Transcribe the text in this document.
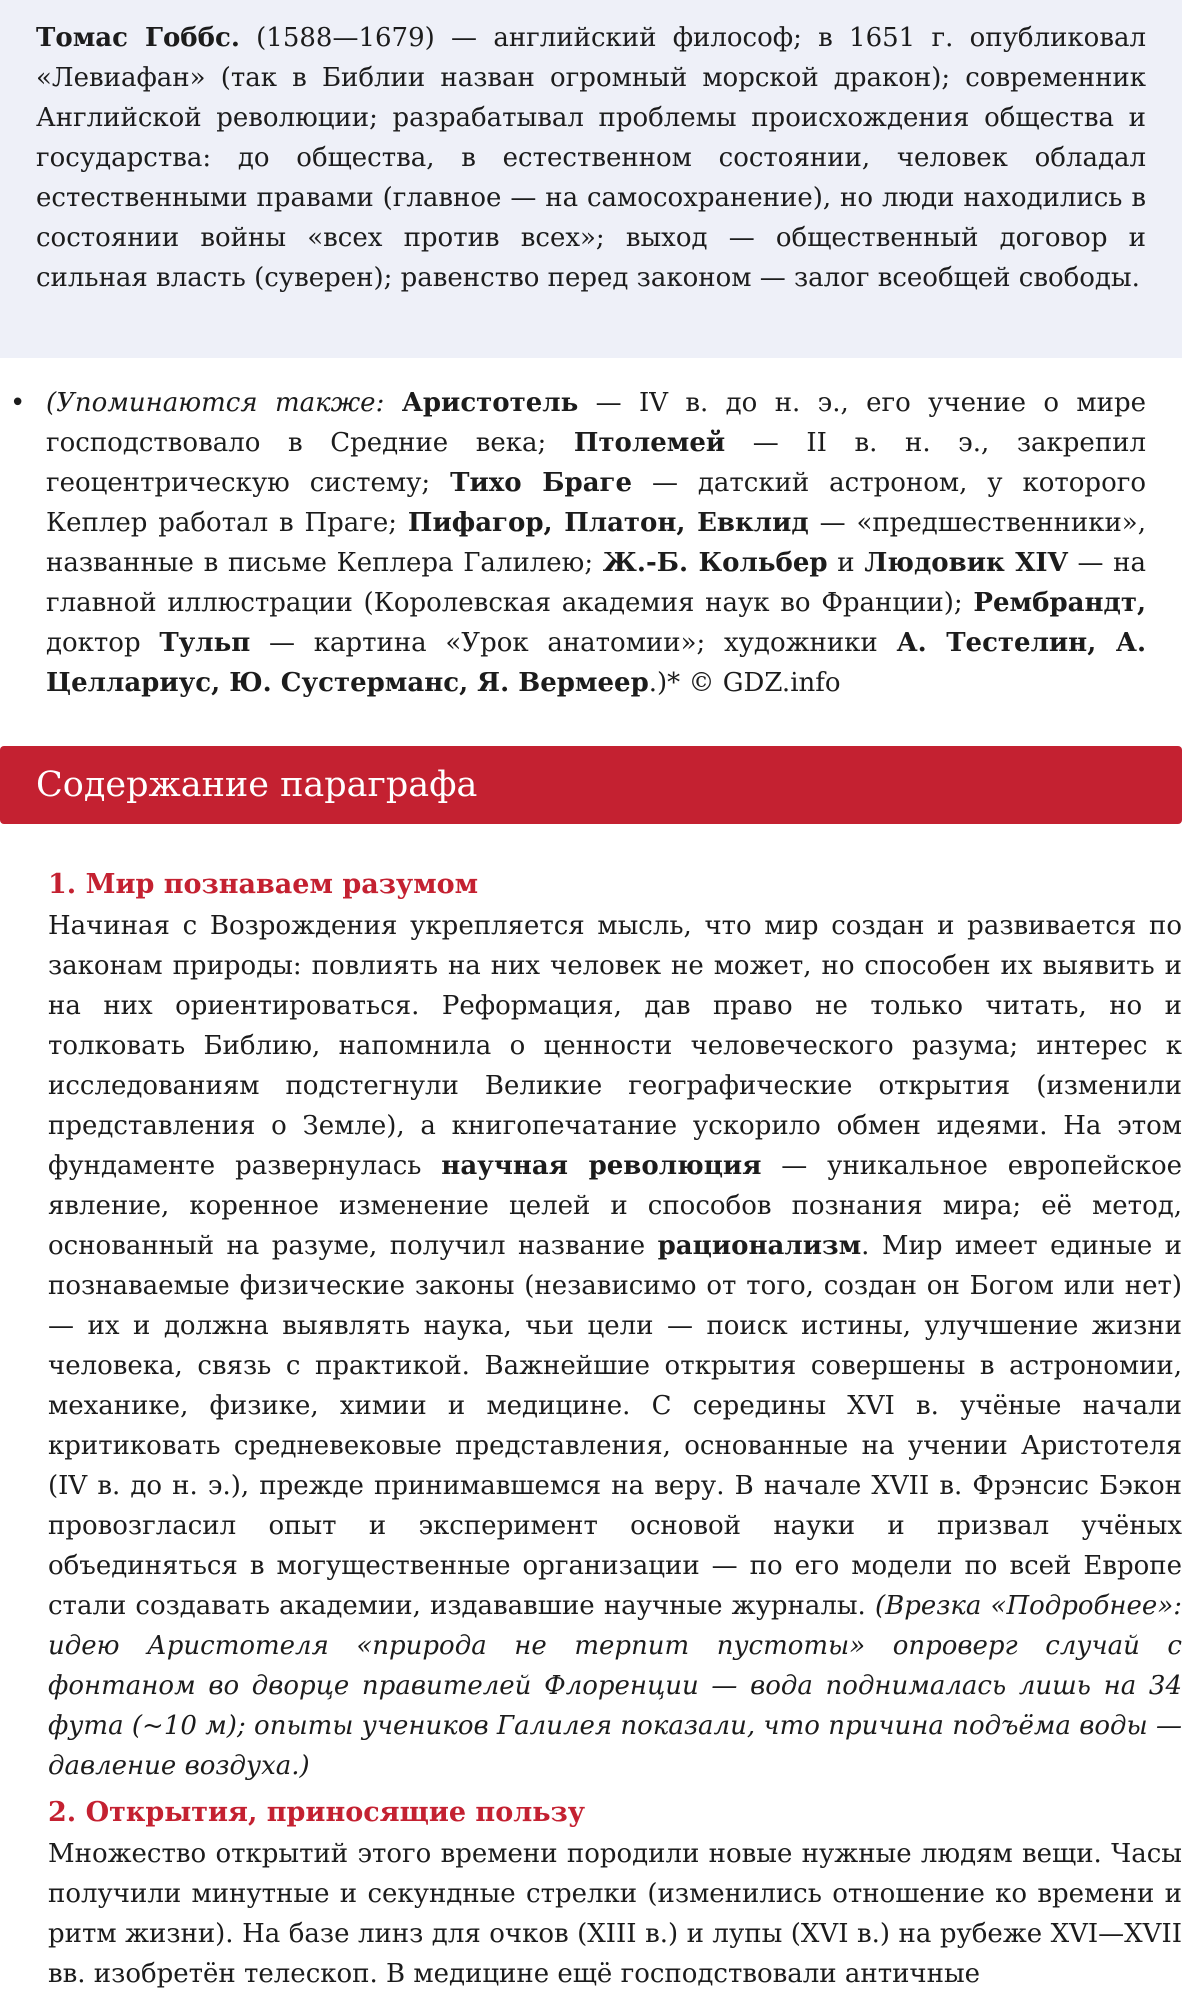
Томас Гоббс. (1588—1679) — английский философ; в 1651 г. опубликовал «Левиафан» (так в Библии назван огромный морской дракон); современник Английской революции; разрабатывал проблемы происхождения общества и государства: до общества, в естественном состоянии, человек обладал естественными правами (главное — на самосохранение), но люди находились в состоянии войны «всех против всех»; выход — общественный договор и сильная власть (суверен); равенство перед законом — залог всеобщей свободы.

• (Упоминаются также: Аристотель — IV в. до н. э., его учение о мире господствовало в Средние века; Птолемей — II в. н. э., закрепил геоцентрическую систему; Тихо Браге — датский астроном, у которого Кеплер работал в Праге; Пифагор, Платон, Евклид — «предшественники», названные в письме Кеплера Галилею; Ж.-Б. Кольбер и Людовик XIV — на главной иллюстрации (Королевская академия наук во Франции); Рембрандт, доктор Тульп — картина «Урок анатомии»; художники А. Тестелин, А. Целлариус, Ю. Сустерманс, Я. Вермеер.)* © GDZ.info

Содержание параграфа
1. Мир познаваем разумом

Начиная с Возрождения укрепляется мысль, что мир создан и развивается по законам природы: повлиять на них человек не может, но способен их выявить и на них ориентироваться. Реформация, дав право не только читать, но и толковать Библию, напомнила о ценности человеческого разума; интерес к исследованиям подстегнули Великие географические открытия (изменили представления о Земле), а книгопечатание ускорило обмен идеями. На этом фундаменте развернулась научная революция — уникальное европейское явление, коренное изменение целей и способов познания мира; её метод, основанный на разуме, получил название рационализм. Мир имеет единые и познаваемые физические законы (независимо от того, создан он Богом или нет) — их и должна выявлять наука, чьи цели — поиск истины, улучшение жизни человека, связь с практикой. Важнейшие открытия совершены в астрономии, механике, физике, химии и медицине. С середины XVI в. учёные начали критиковать средневековые представления, основанные на учении Аристотеля (IV в. до н. э.), прежде принимавшемся на веру. В начале XVII в. Фрэнсис Бэкон провозгласил опыт и эксперимент основой науки и призвал учёных объединяться в могущественные организации — по его модели по всей Европе стали создавать академии, издававшие научные журналы. (Врезка «Подробнее»: идею Аристотеля «природа не терпит пустоты» опроверг случай с фонтаном во дворце правителей Флоренции — вода поднималась лишь на 34 фута (~10 м); опыты учеников Галилея показали, что причина подъёма воды — давление воздуха.)

2. Открытия, приносящие пользу

Множество открытий этого времени породили новые нужные людям вещи. Часы получили минутные и секундные стрелки (изменились отношение ко времени и ритм жизни). На базе линз для очков (XIII в.) и лупы (XVI в.) на рубеже XVI—XVII вв. изобретён телескоп. В медицине ещё господствовали античные
